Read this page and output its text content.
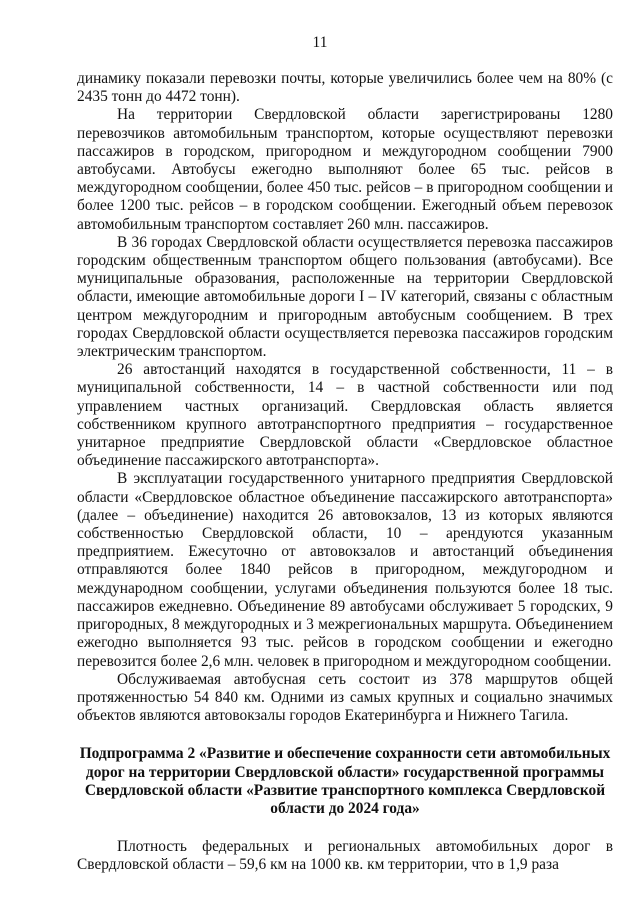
11

динамику показали перевозки почты, которые увеличились более чем на 80% (с 2435 тонн до 4472 тонн).

На территории Свердловской области зарегистрированы 1280 перевозчиков автомобильным транспортом, которые осуществляют перевозки пассажиров в городском, пригородном и междугородном сообщении 7900 автобусами. Автобусы ежегодно выполняют более 65 тыс. рейсов в междугородном сообщении, более 450 тыс. рейсов – в пригородном сообщении и более 1200 тыс. рейсов – в городском сообщении. Ежегодный объем перевозок автомобильным транспортом составляет 260 млн. пассажиров.

В 36 городах Свердловской области осуществляется перевозка пассажиров городским общественным транспортом общего пользования (автобусами). Все муниципальные образования, расположенные на территории Свердловской области, имеющие автомобильные дороги I – IV категорий, связаны с областным центром междугородним и пригородным автобусным сообщением. В трех городах Свердловской области осуществляется перевозка пассажиров городским электрическим транспортом.

26 автостанций находятся в государственной собственности, 11 – в муниципальной собственности, 14 – в частной собственности или под управлением частных организаций. Свердловская область является собственником крупного автотранспортного предприятия – государственное унитарное предприятие Свердловской области «Свердловское областное объединение пассажирского автотранспорта».

В эксплуатации государственного унитарного предприятия Свердловской области «Свердловское областное объединение пассажирского автотранспорта» (далее – объединение) находится 26 автовокзалов, 13 из которых являются собственностью Свердловской области, 10 – арендуются указанным предприятием. Ежесуточно от автовокзалов и автостанций объединения отправляются более 1840 рейсов в пригородном, междугородном и международном сообщении, услугами объединения пользуются более 18 тыс. пассажиров ежедневно. Объединение 89 автобусами обслуживает 5 городских, 9 пригородных, 8 междугородных и 3 межрегиональных маршрута. Объединением ежегодно выполняется 93 тыс. рейсов в городском сообщении и ежегодно перевозится более 2,6 млн. человек в пригородном и междугородном сообщении.

Обслуживаемая автобусная сеть состоит из 378 маршрутов общей протяженностью 54 840 км. Одними из самых крупных и социально значимых объектов являются автовокзалы городов Екатеринбурга и Нижнего Тагила.

Подпрограмма 2 «Развитие и обеспечение сохранности сети автомобильных дорог на территории Свердловской области» государственной программы Свердловской области «Развитие транспортного комплекса Свердловской области до 2024 года»

Плотность федеральных и региональных автомобильных дорог в Свердловской области – 59,6 км на 1000 кв. км территории, что в 1,9 раза
